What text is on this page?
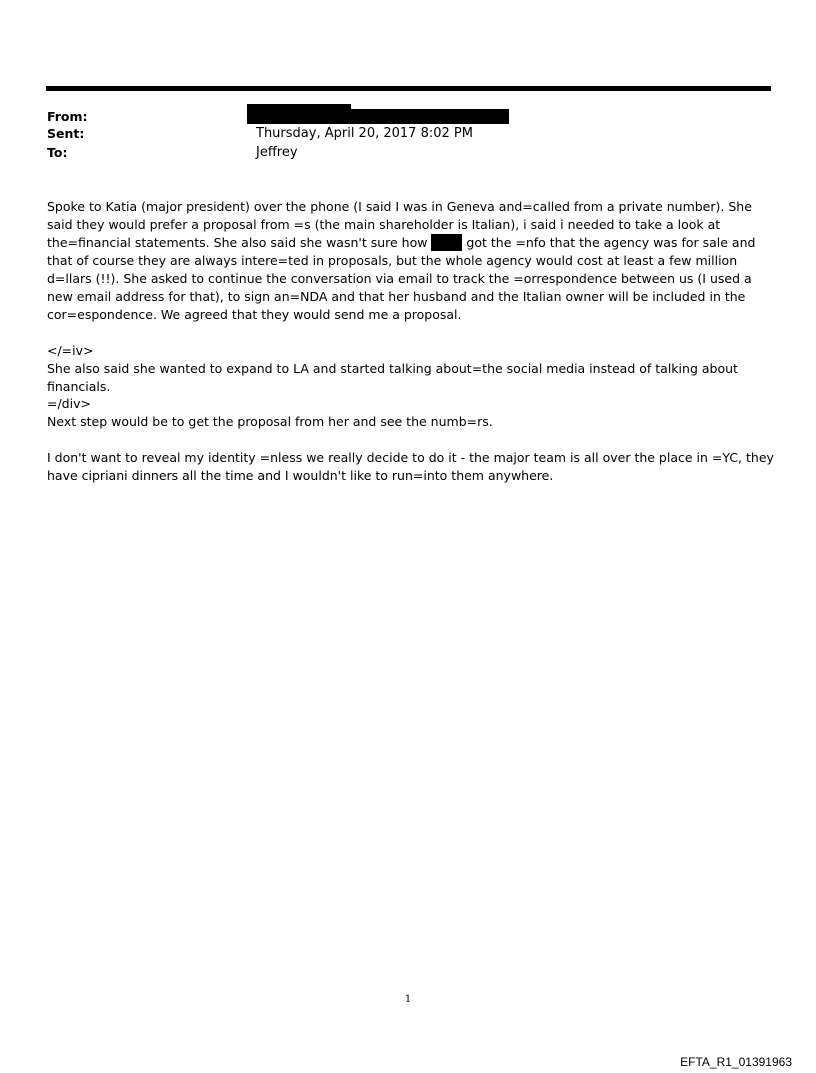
From:
Sent:	Thursday, April 20, 2017 8:02 PM
To:	Jeffrey

Spoke to Katia (major president) over the phone (I said I was in Geneva and=called from a private number). She said they would prefer a proposal from =s (the main shareholder is Italian), i said i needed to take a look at the=financial statements. She also said she wasn't sure how  got the =nfo that the agency was for sale and that of course they are always intere=ted in proposals, but the whole agency would cost at least a few million d=llars (!!). She asked to continue the conversation via email to track the =orrespondence between us (I used a new email address for that), to sign an=NDA and that her husband and the Italian owner will be included in the cor=espondence. We agreed that they would send me a proposal.

</=iv>

She also said she wanted to expand to LA and started talking about=the social media instead of talking about financials.

=/div>

Next step would be to get the proposal from her and see the numb=rs.

I don't want to reveal my identity =nless we really decide to do it - the major team is all over the place in =YC, they have cipriani dinners all the time and I wouldn't like to run=into them anywhere.

1
EFTA_R1_01391963
